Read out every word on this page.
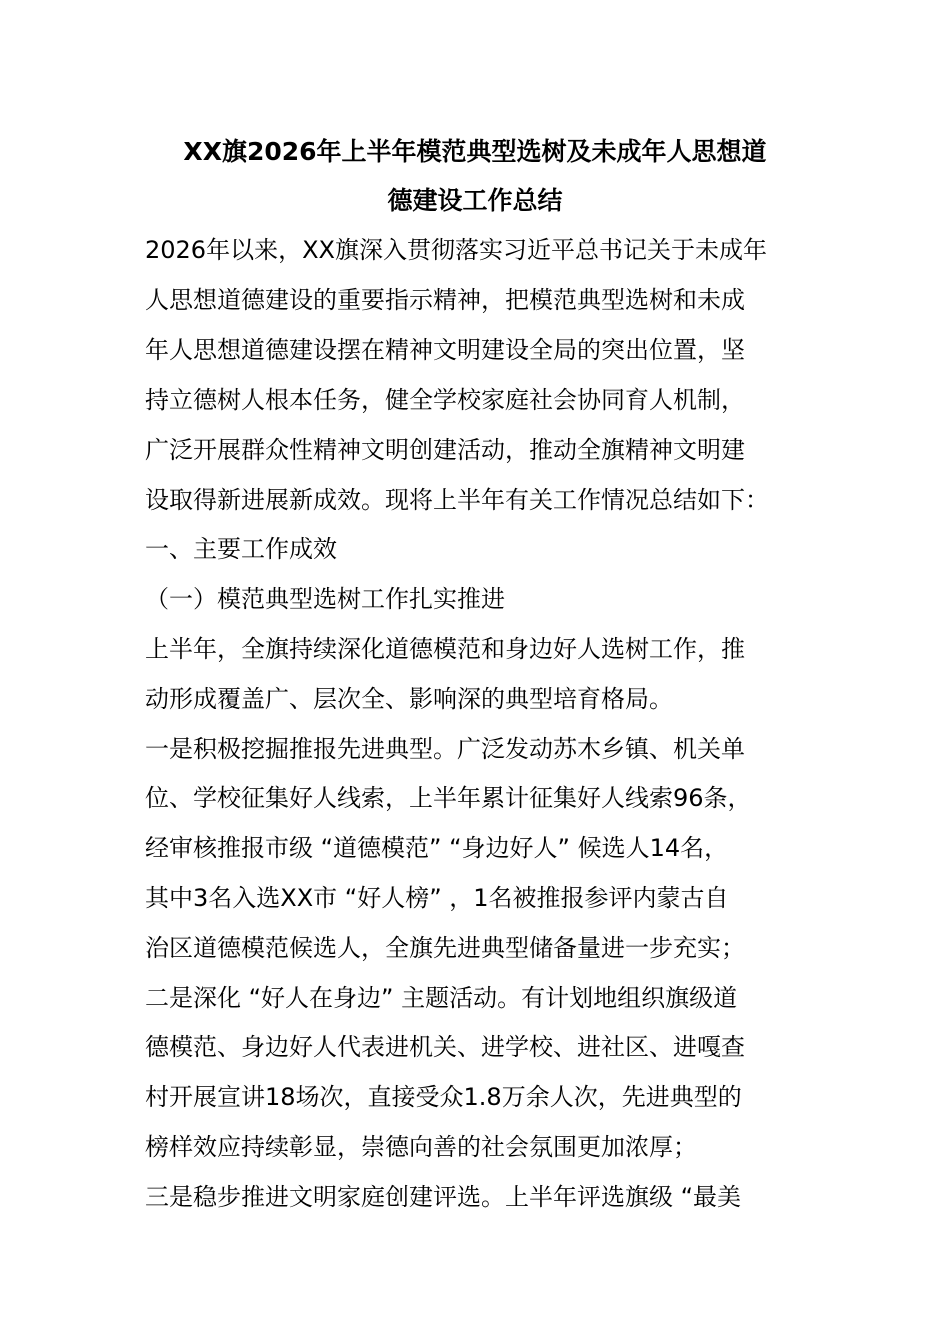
XX旗2026年上半年模范典型选树及未成年人思想道
德建设工作总结
2026年以来，XX旗深入贯彻落实习近平总书记关于未成年
人思想道德建设的重要指示精神，把模范典型选树和未成
年人思想道德建设摆在精神文明建设全局的突出位置，坚
持立德树人根本任务，健全学校家庭社会协同育人机制，
广泛开展群众性精神文明创建活动，推动全旗精神文明建
设取得新进展新成效。现将上半年有关工作情况总结如下：
一、主要工作成效
（一）模范典型选树工作扎实推进
上半年，全旗持续深化道德模范和身边好人选树工作，推
动形成覆盖广、层次全、影响深的典型培育格局。
一是积极挖掘推报先进典型。广泛发动苏木乡镇、机关单
位、学校征集好人线索，上半年累计征集好人线索96条，
经审核推报市级 “道德模范” “身边好人” 候选人14名，
其中3名入选XX市 “好人榜” ，1名被推报参评内蒙古自
治区道德模范候选人，全旗先进典型储备量进一步充实；
二是深化 “好人在身边” 主题活动。有计划地组织旗级道
德模范、身边好人代表进机关、进学校、进社区、进嘎查
村开展宣讲18场次，直接受众1.8万余人次，先进典型的
榜样效应持续彰显，崇德向善的社会氛围更加浓厚；
三是稳步推进文明家庭创建评选。上半年评选旗级 “最美
